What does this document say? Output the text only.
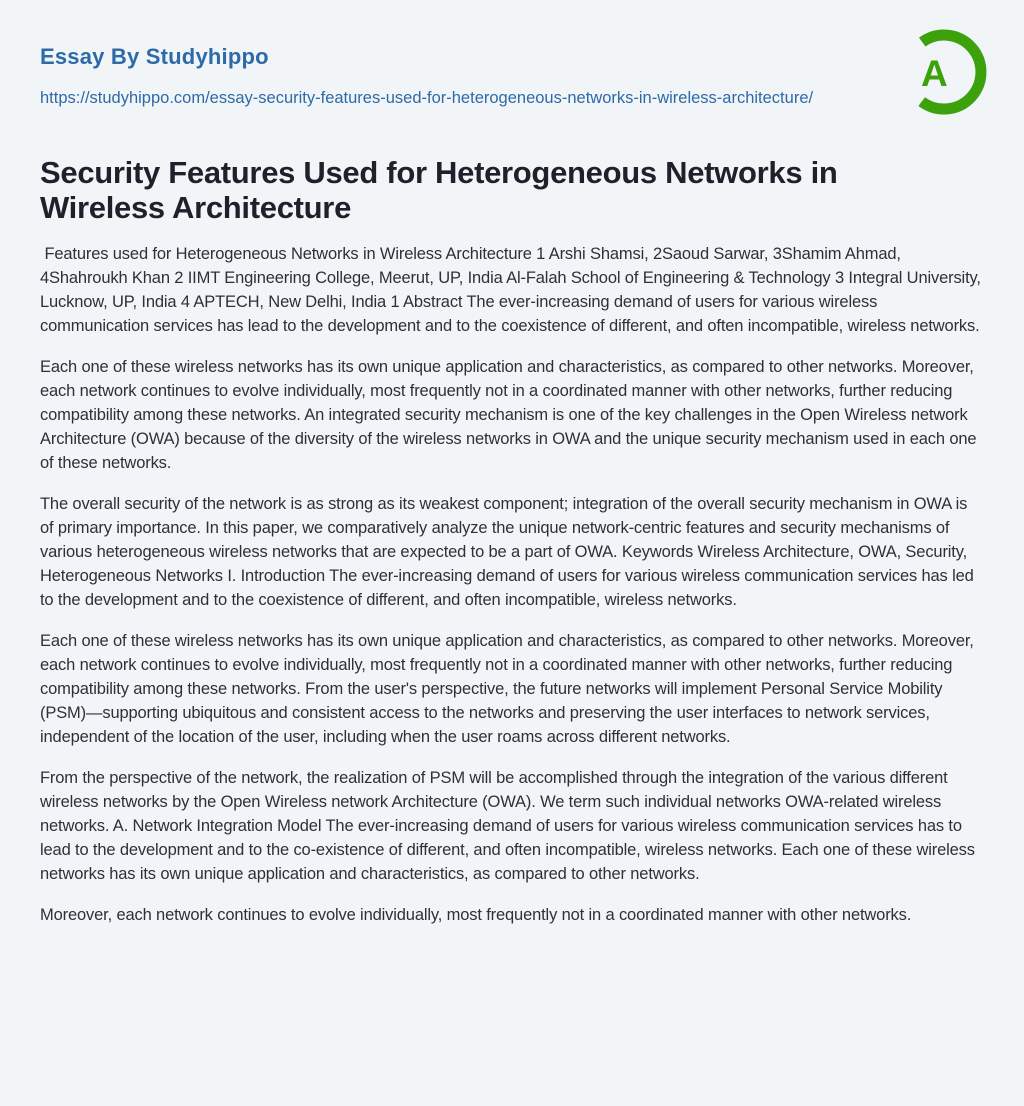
Essay By Studyhippo
https://studyhippo.com/essay-security-features-used-for-heterogeneous-networks-in-wireless-architecture/
A
Security Features Used for Heterogeneous Networks in Wireless Architecture

Features used for Heterogeneous Networks in Wireless Architecture 1 Arshi Shamsi, 2Saoud Sarwar, 3Shamim Ahmad, 4Shahroukh Khan 2 IIMT Engineering College, Meerut, UP, India Al-Falah School of Engineering & Technology 3 Integral University, Lucknow, UP, India 4 APTECH, New Delhi, India 1 Abstract The ever-increasing demand of users for various wireless communication services has lead to the development and to the coexistence of different, and often incompatible, wireless networks.

Each one of these wireless networks has its own unique application and characteristics, as compared to other networks. Moreover, each network continues to evolve individually, most frequently not in a coordinated manner with other networks, further reducing compatibility among these networks. An integrated security mechanism is one of the key challenges in the Open Wireless network Architecture (OWA) because of the diversity of the wireless networks in OWA and the unique security mechanism used in each one of these networks.

The overall security of the network is as strong as its weakest component; integration of the overall security mechanism in OWA is of primary importance. In this paper, we comparatively analyze the unique network-centric features and security mechanisms of various heterogeneous wireless networks that are expected to be a part of OWA. Keywords Wireless Architecture, OWA, Security, Heterogeneous Networks I. Introduction The ever-increasing demand of users for various wireless communication services has led to the development and to the coexistence of different, and often incompatible, wireless networks.

Each one of these wireless networks has its own unique application and characteristics, as compared to other networks. Moreover, each network continues to evolve individually, most frequently not in a coordinated manner with other networks, further reducing compatibility among these networks. From the user's perspective, the future networks will implement Personal Service Mobility (PSM)—supporting ubiquitous and consistent access to the networks and preserving the user interfaces to network services, independent of the location of the user, including when the user roams across different networks.

From the perspective of the network, the realization of PSM will be accomplished through the integration of the various different wireless networks by the Open Wireless network Architecture (OWA). We term such individual networks OWA-related wireless networks. A. Network Integration Model The ever-increasing demand of users for various wireless communication services has to lead to the development and to the co-existence of different, and often incompatible, wireless networks. Each one of these wireless networks has its own unique application and characteristics, as compared to other networks.

Moreover, each network continues to evolve individually, most frequently not in a coordinated manner with other networks.
